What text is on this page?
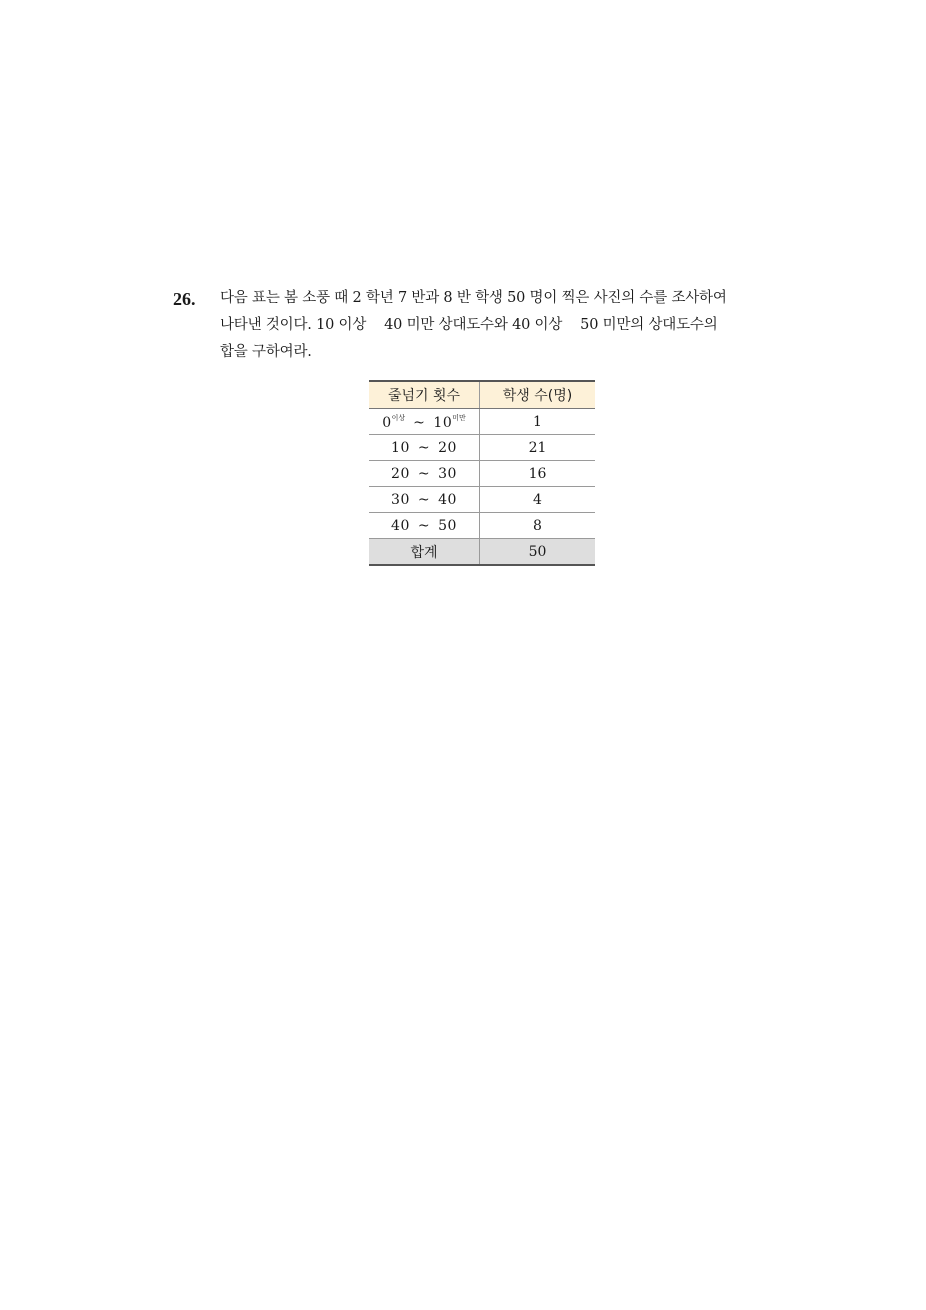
26. 다음 표는 봄 소풍 때 2 학년 7 반과 8 반 학생 50 명이 찍은 사진의 수를 조사하여
나타낸 것이다. 10 이상 40 미만 상대도수와 40 이상 50 미만의 상대도수의
합을 구하여라.
줄넘기 횟수	학생 수(명)
$0^{이상}$ ~ $10^{미만}$	1
10 ~ 20	21
20 ~ 30	16
30 ~ 40	4
40 ~ 50	8
합계	50
